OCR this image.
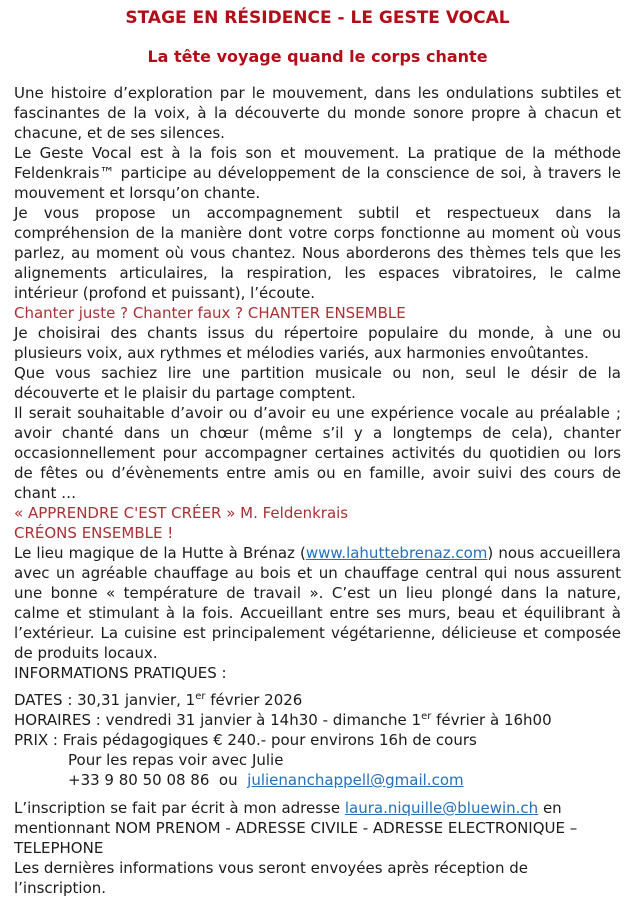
STAGE EN RÉSIDENCE - LE GESTE VOCAL
La tête voyage quand le corps chante

Une histoire d’exploration par le mouvement, dans les ondulations subtiles et fascinantes de la voix, à la découverte du monde sonore propre à chacun et chacune, et de ses silences.

Le Geste Vocal est à la fois son et mouvement. La pratique de la méthode Feldenkrais™ participe au développement de la conscience de soi, à travers le mouvement et lorsqu’on chante.

Je vous propose un accompagnement subtil et respectueux dans la compréhension de la manière dont votre corps fonctionne au moment où vous parlez, au moment où vous chantez. Nous aborderons des thèmes tels que les alignements articulaires, la respiration, les espaces vibratoires, le calme intérieur (profond et puissant), l’écoute.

Chanter juste ? Chanter faux ? CHANTER ENSEMBLE

Je choisirai des chants issus du répertoire populaire du monde, à une ou plusieurs voix, aux rythmes et mélodies variés, aux harmonies envoûtantes.

Que vous sachiez lire une partition musicale ou non, seul le désir de la découverte et le plaisir du partage comptent.

Il serait souhaitable d’avoir ou d’avoir eu une expérience vocale au préalable ; avoir chanté dans un chœur (même s’il y a longtemps de cela), chanter occasionnellement pour accompagner certaines activités du quotidien ou lors de fêtes ou d’évènements entre amis ou en famille, avoir suivi des cours de chant …

« APPRENDRE C'EST CRÉER » M. Feldenkrais

CRÉONS ENSEMBLE !

Le lieu magique de la Hutte à Brénaz (www.lahuttebrenaz.com) nous accueillera avec un agréable chauffage au bois et un chauffage central qui nous assurent une bonne « température de travail ». C’est un lieu plongé dans la nature, calme et stimulant à la fois. Accueillant entre ses murs, beau et équilibrant à l’extérieur. La cuisine est principalement végétarienne, délicieuse et composée de produits locaux.

INFORMATIONS PRATIQUES :

DATES : 30,31 janvier, 1er février 2026

HORAIRES : vendredi 31 janvier à 14h30 - dimanche 1er février à 16h00

PRIX : Frais pédagogiques € 240.- pour environs 16h de cours

Pour les repas voir avec Julie

+33 9 80 50 08 86  ou  julienanchappell@gmail.com

L’inscription se fait par écrit à mon adresse laura.niquille@bluewin.ch en mentionnant NOM PRENOM - ADRESSE CIVILE - ADRESSE ELECTRONIQUE – TELEPHONE

Les dernières informations vous seront envoyées après réception de l’inscription.
